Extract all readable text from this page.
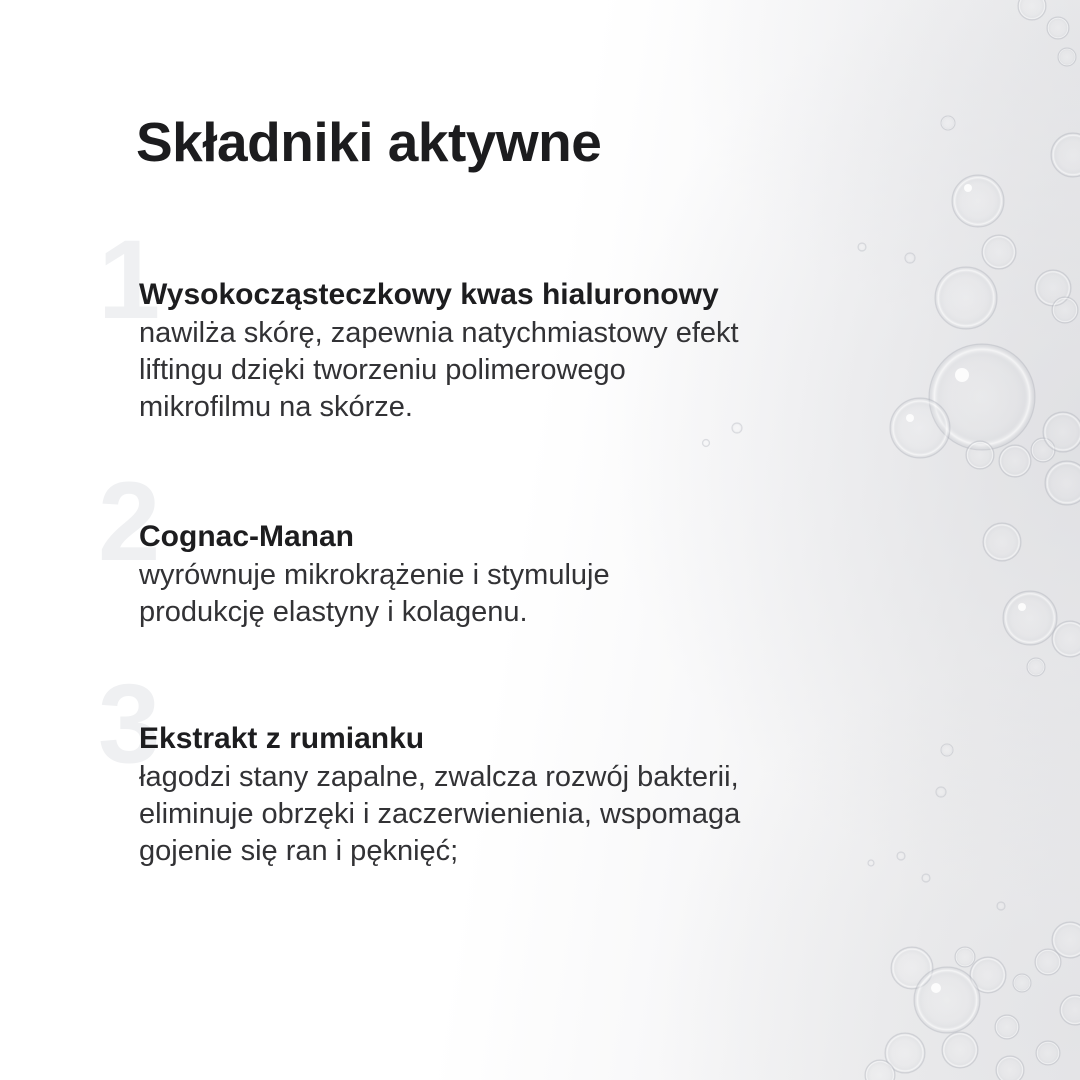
Składniki aktywne
1
Wysokocząsteczkowy kwas hialuronowy

nawilża skórę, zapewnia natychmiastowy efekt
liftingu dzięki tworzeniu polimerowego
mikrofilmu na skórze.

2
Cognac-Manan

wyrównuje mikrokrążenie i stymuluje
produkcję elastyny i kolagenu.

3
Ekstrakt z rumianku

łagodzi stany zapalne, zwalcza rozwój bakterii,
eliminuje obrzęki i zaczerwienienia, wspomaga
gojenie się ran i pęknięć;
